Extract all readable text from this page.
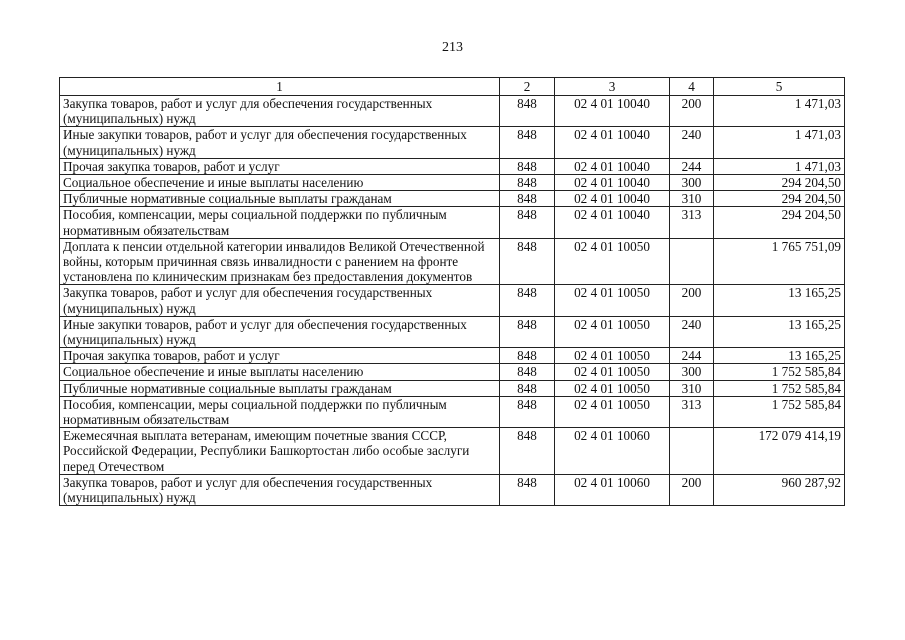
213
1	2	3	4	5
Закупка товаров, работ и услуг для обеспечения государственных (муниципальных) нужд	848	02 4 01 10040	200	1 471,03
Иные закупки товаров, работ и услуг для обеспечения государственных (муниципальных) нужд	848	02 4 01 10040	240	1 471,03
Прочая закупка товаров, работ и услуг	848	02 4 01 10040	244	1 471,03
Социальное обеспечение и иные выплаты населению	848	02 4 01 10040	300	294 204,50
Публичные нормативные социальные выплаты гражданам	848	02 4 01 10040	310	294 204,50
Пособия, компенсации, меры социальной поддержки по публичным нормативным обязательствам	848	02 4 01 10040	313	294 204,50
Доплата к пенсии отдельной категории инвалидов Великой Отечественной войны, которым причинная связь инвалидности с ранением на фронте установлена по клиническим признакам без предоставления документов	848	02 4 01 10050		1 765 751,09
Закупка товаров, работ и услуг для обеспечения государственных (муниципальных) нужд	848	02 4 01 10050	200	13 165,25
Иные закупки товаров, работ и услуг для обеспечения государственных (муниципальных) нужд	848	02 4 01 10050	240	13 165,25
Прочая закупка товаров, работ и услуг	848	02 4 01 10050	244	13 165,25
Социальное обеспечение и иные выплаты населению	848	02 4 01 10050	300	1 752 585,84
Публичные нормативные социальные выплаты гражданам	848	02 4 01 10050	310	1 752 585,84
Пособия, компенсации, меры социальной поддержки по публичным нормативным обязательствам	848	02 4 01 10050	313	1 752 585,84
Ежемесячная выплата ветеранам, имеющим почетные звания СССР, Российской Федерации, Республики Башкортостан либо особые заслуги перед Отечеством	848	02 4 01 10060		172 079 414,19
Закупка товаров, работ и услуг для обеспечения государственных (муниципальных) нужд	848	02 4 01 10060	200	960 287,92
